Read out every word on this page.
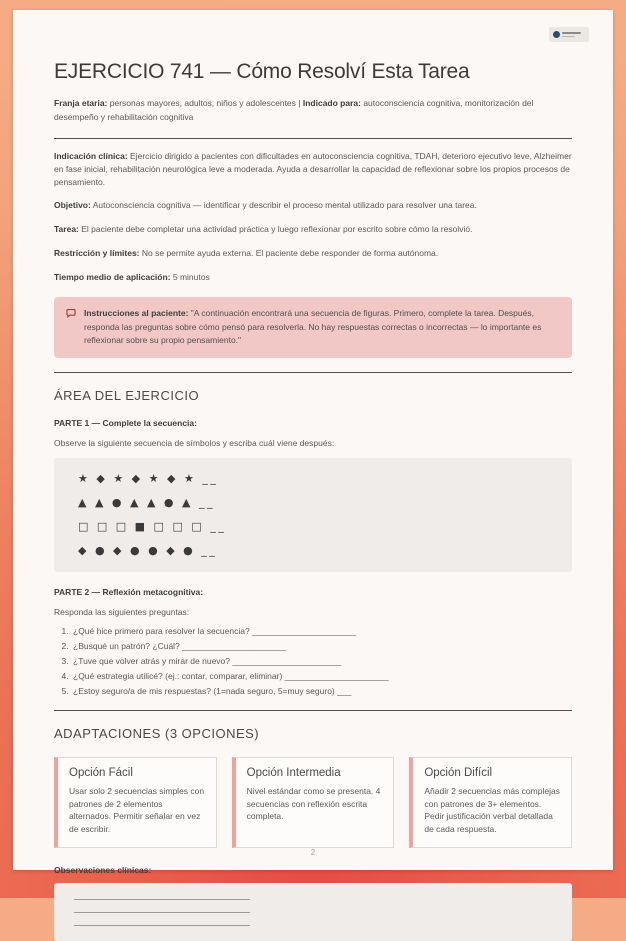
EJERCICIO 741 — Cómo Resolví Esta Tarea

Franja etaria: personas mayores, adultos, niños y adolescentes | Indicado para: autoconsciencia cognitiva, monitorización del desempeño y rehabilitación cognitiva

Indicación clínica: Ejercicio dirigido a pacientes con dificultades en autoconsciencia cognitiva, TDAH, deterioro ejecutivo leve, Alzheimer en fase inicial, rehabilitación neurológica leve a moderada. Ayuda a desarrollar la capacidad de reflexionar sobre los propios procesos de pensamiento.

Objetivo: Autoconsciencia cognitiva — identificar y describir el proceso mental utilizado para resolver una tarea.

Tarea: El paciente debe completar una actividad práctica y luego reflexionar por escrito sobre cómo la resolvió.

Restricción y límites: No se permite ayuda externa. El paciente debe responder de forma autónoma.

Tiempo medio de aplicación: 5 minutos

Instrucciones al paciente: "A continuación encontrará una secuencia de figuras. Primero, complete la tarea. Después, responda las preguntas sobre cómo pensó para resolverla. No hay respuestas correctas o incorrectas — lo importante es reflexionar sobre su propio pensamiento."
ÁREA DEL EJERCICIO
PARTE 1 — Complete la secuencia:

Observe la siguiente secuencia de símbolos y escriba cuál viene después:

★ ◆ ★ ◆ ★ ◆ ★ __
▲ ▲ ● ▲ ▲ ● ▲ __
□ □ □ ■ □ □ □ __
◆ ● ◆ ● ● ◆ ● __
PARTE 2 — Reflexión metacognitiva:

Responda las siguientes preguntas:

1. ¿Qué hice primero para resolver la secuencia? ______________________
2. ¿Busqué un patrón? ¿Cuál? ______________________
3. ¿Tuve que volver atrás y mirar de nuevo? _______________________
4. ¿Qué estrategia utilicé? (ej.: contar, comparar, eliminar) ______________________
5. ¿Estoy seguro/a de mis respuestas? (1=nada seguro, 5=muy seguro) ___
ADAPTACIONES (3 OPCIONES)
Opción Fácil

Usar solo 2 secuencias simples con patrones de 2 elementos alternados. Permitir señalar en vez de escribir.

Opción Intermedia

Nivel estándar como se presenta. 4 secuencias con reflexión escrita completa.

Opción Difícil

Añadir 2 secuencias más complejas con patrones de 3+ elementos. Pedir justificación verbal detallada de cada respuesta.

Observaciones clínicas:
2
